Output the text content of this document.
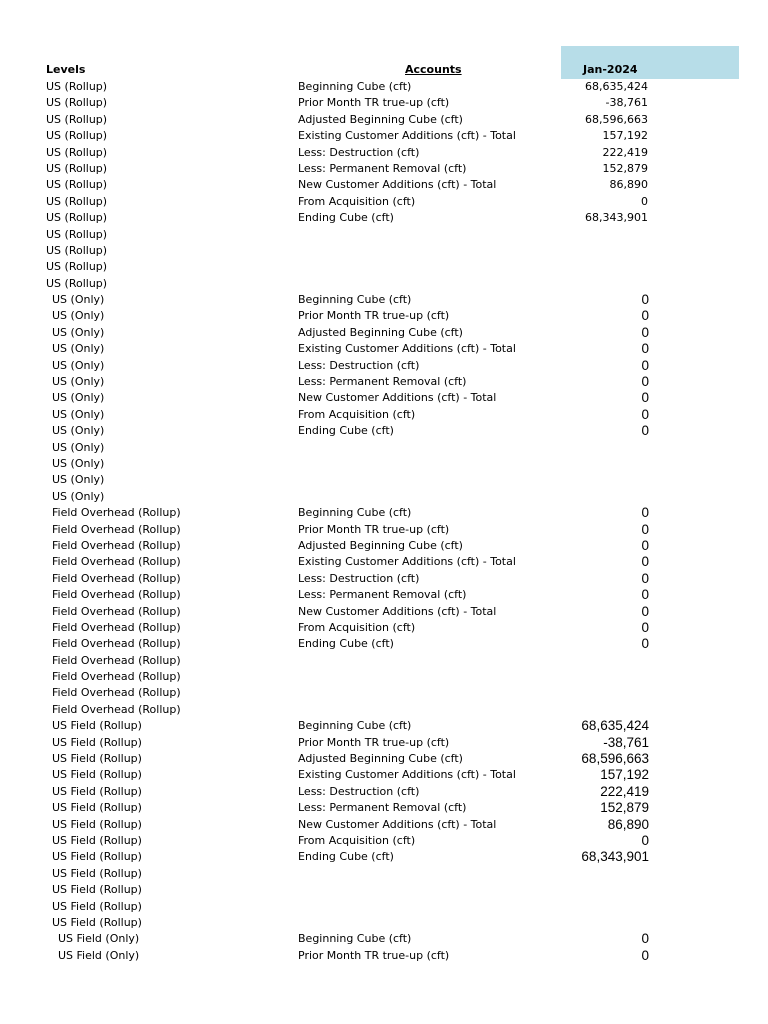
Levels	Accounts	Jan-2024
US (Rollup)	Beginning Cube (cft)	68,635,424
US (Rollup)	Prior Month TR true-up (cft)	-38,761
US (Rollup)	Adjusted Beginning Cube (cft)	68,596,663
US (Rollup)	Existing Customer Additions (cft) - Total	157,192
US (Rollup)	Less: Destruction (cft)	222,419
US (Rollup)	Less: Permanent Removal (cft)	152,879
US (Rollup)	New Customer Additions (cft) - Total	86,890
US (Rollup)	From Acquisition (cft)	0
US (Rollup)	Ending Cube (cft)	68,343,901
US (Rollup)
US (Rollup)
US (Rollup)
US (Rollup)
US (Only)	Beginning Cube (cft)	0
US (Only)	Prior Month TR true-up (cft)	0
US (Only)	Adjusted Beginning Cube (cft)	0
US (Only)	Existing Customer Additions (cft) - Total	0
US (Only)	Less: Destruction (cft)	0
US (Only)	Less: Permanent Removal (cft)	0
US (Only)	New Customer Additions (cft) - Total	0
US (Only)	From Acquisition (cft)	0
US (Only)	Ending Cube (cft)	0
US (Only)
US (Only)
US (Only)
US (Only)
Field Overhead (Rollup)	Beginning Cube (cft)	0
Field Overhead (Rollup)	Prior Month TR true-up (cft)	0
Field Overhead (Rollup)	Adjusted Beginning Cube (cft)	0
Field Overhead (Rollup)	Existing Customer Additions (cft) - Total	0
Field Overhead (Rollup)	Less: Destruction (cft)	0
Field Overhead (Rollup)	Less: Permanent Removal (cft)	0
Field Overhead (Rollup)	New Customer Additions (cft) - Total	0
Field Overhead (Rollup)	From Acquisition (cft)	0
Field Overhead (Rollup)	Ending Cube (cft)	0
Field Overhead (Rollup)
Field Overhead (Rollup)
Field Overhead (Rollup)
Field Overhead (Rollup)
US Field (Rollup)	Beginning Cube (cft)	68,635,424
US Field (Rollup)	Prior Month TR true-up (cft)	-38,761
US Field (Rollup)	Adjusted Beginning Cube (cft)	68,596,663
US Field (Rollup)	Existing Customer Additions (cft) - Total	157,192
US Field (Rollup)	Less: Destruction (cft)	222,419
US Field (Rollup)	Less: Permanent Removal (cft)	152,879
US Field (Rollup)	New Customer Additions (cft) - Total	86,890
US Field (Rollup)	From Acquisition (cft)	0
US Field (Rollup)	Ending Cube (cft)	68,343,901
US Field (Rollup)
US Field (Rollup)
US Field (Rollup)
US Field (Rollup)
US Field (Only)	Beginning Cube (cft)	0
US Field (Only)	Prior Month TR true-up (cft)	0
